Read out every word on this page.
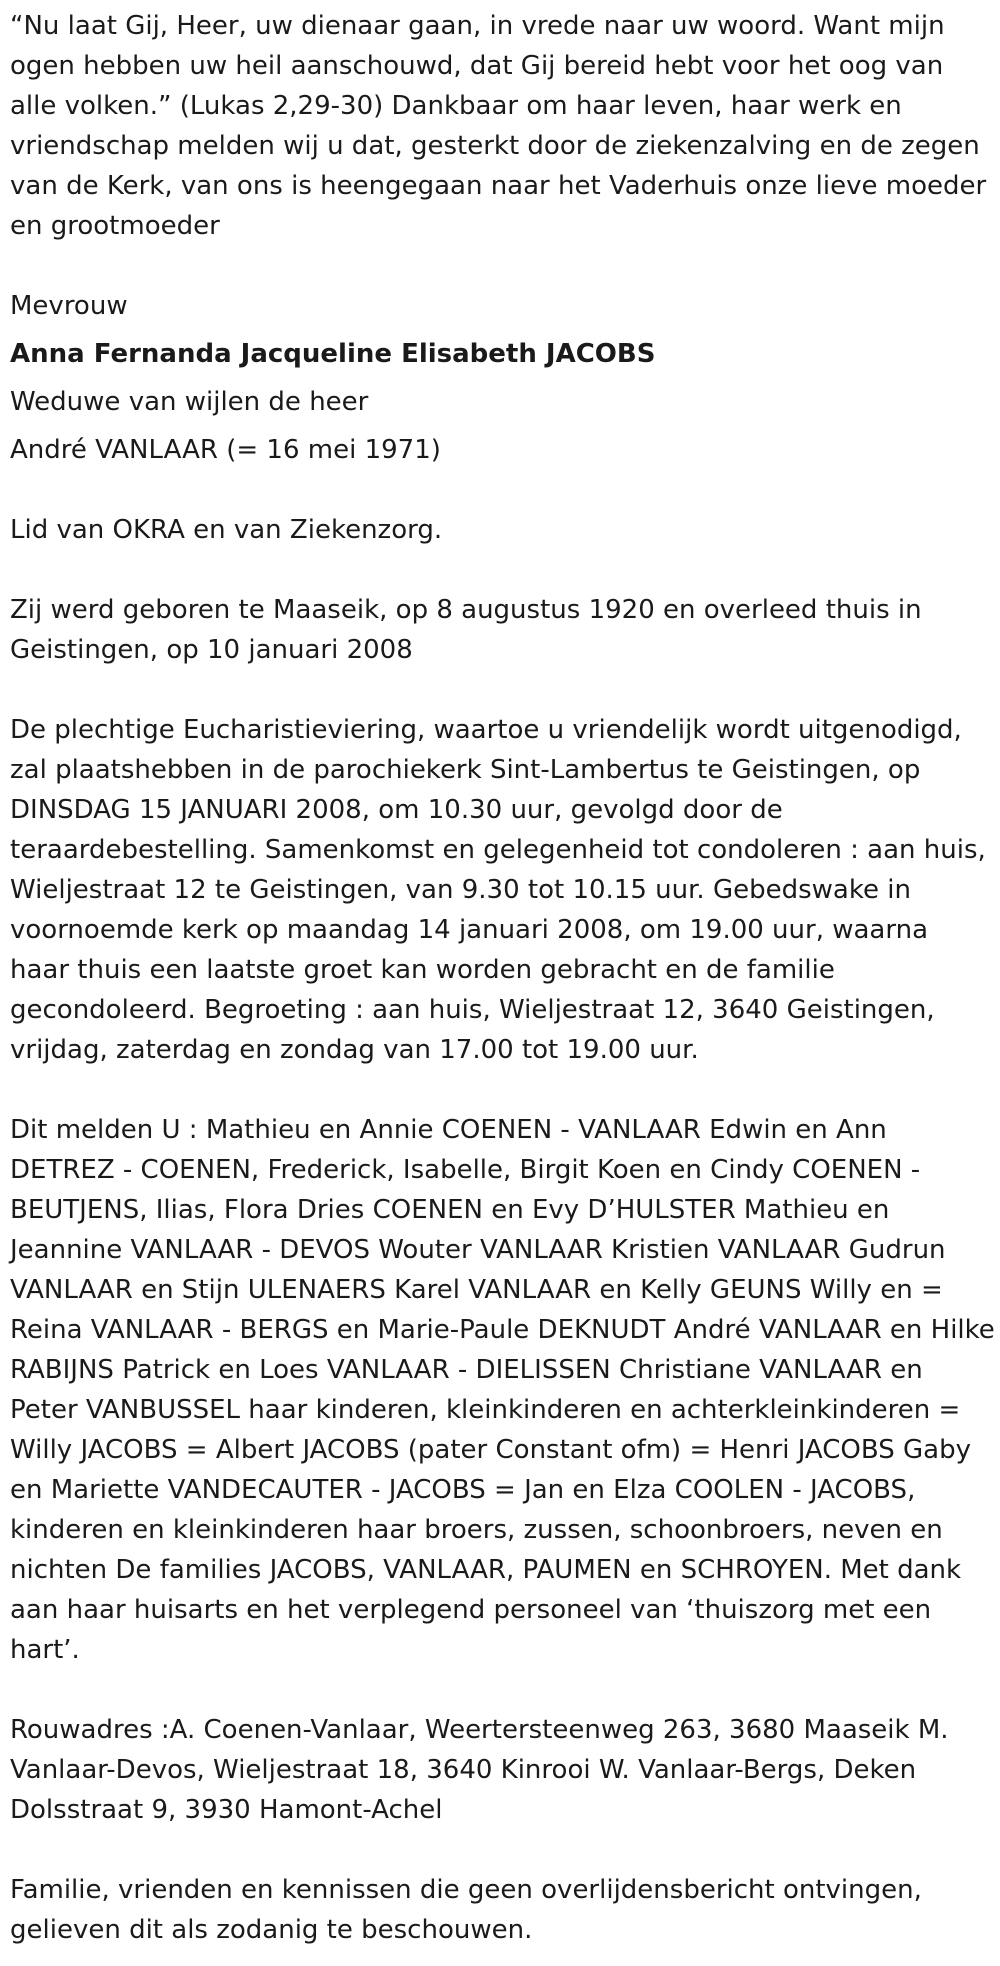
“Nu laat Gij, Heer, uw dienaar gaan, in vrede naar uw woord. Want mijn ogen hebben uw heil aanschouwd, dat Gij bereid hebt voor het oog van alle volken.” (Lukas 2,29-30) Dankbaar om haar leven, haar werk en vriendschap melden wij u dat, gesterkt door de ziekenzalving en de zegen van de Kerk, van ons is heengegaan naar het Vaderhuis onze lieve moeder en grootmoeder

Mevrouw
Anna Fernanda Jacqueline Elisabeth JACOBS
Weduwe van wijlen de heer
André VANLAAR (= 16 mei 1971)

Lid van OKRA en van Ziekenzorg.

Zij werd geboren te Maaseik, op 8 augustus 1920 en overleed thuis in Geistingen, op 10 januari 2008

De plechtige Eucharistieviering, waartoe u vriendelijk wordt uitgenodigd, zal plaatshebben in de parochiekerk Sint-Lambertus te Geistingen, op DINSDAG 15 JANUARI 2008, om 10.30 uur, gevolgd door de teraardebestelling. Samenkomst en gelegenheid tot condoleren : aan huis, Wieljestraat 12 te Geistingen, van 9.30 tot 10.15 uur. Gebedswake in voornoemde kerk op maandag 14 januari 2008, om 19.00 uur, waarna haar thuis een laatste groet kan worden gebracht en de familie gecondoleerd. Begroeting : aan huis, Wieljestraat 12, 3640 Geistingen, vrijdag, zaterdag en zondag van 17.00 tot 19.00 uur.

Dit melden U : Mathieu en Annie COENEN - VANLAAR Edwin en Ann DETREZ - COENEN, Frederick, Isabelle, Birgit Koen en Cindy COENEN - BEUTJENS, Ilias, Flora Dries COENEN en Evy D’HULSTER Mathieu en Jeannine VANLAAR - DEVOS Wouter VANLAAR Kristien VANLAAR Gudrun VANLAAR en Stijn ULENAERS Karel VANLAAR en Kelly GEUNS Willy en = Reina VANLAAR - BERGS en Marie-Paule DEKNUDT André VANLAAR en Hilke RABIJNS Patrick en Loes VANLAAR - DIELISSEN Christiane VANLAAR en Peter VANBUSSEL haar kinderen, kleinkinderen en achterkleinkinderen = Willy JACOBS = Albert JACOBS (pater Constant ofm) = Henri JACOBS Gaby en Mariette VANDECAUTER - JACOBS = Jan en Elza COOLEN - JACOBS, kinderen en kleinkinderen haar broers, zussen, schoonbroers, neven en nichten De families JACOBS, VANLAAR, PAUMEN en SCHROYEN. Met dank aan haar huisarts en het verplegend personeel van ‘thuiszorg met een hart’.

Rouwadres :A. Coenen-Vanlaar, Weertersteenweg 263, 3680 Maaseik M. Vanlaar-Devos, Wieljestraat 18, 3640 Kinrooi W. Vanlaar-Bergs, Deken Dolsstraat 9, 3930 Hamont-Achel

Familie, vrienden en kennissen die geen overlijdensbericht ontvingen, gelieven dit als zodanig te beschouwen.
